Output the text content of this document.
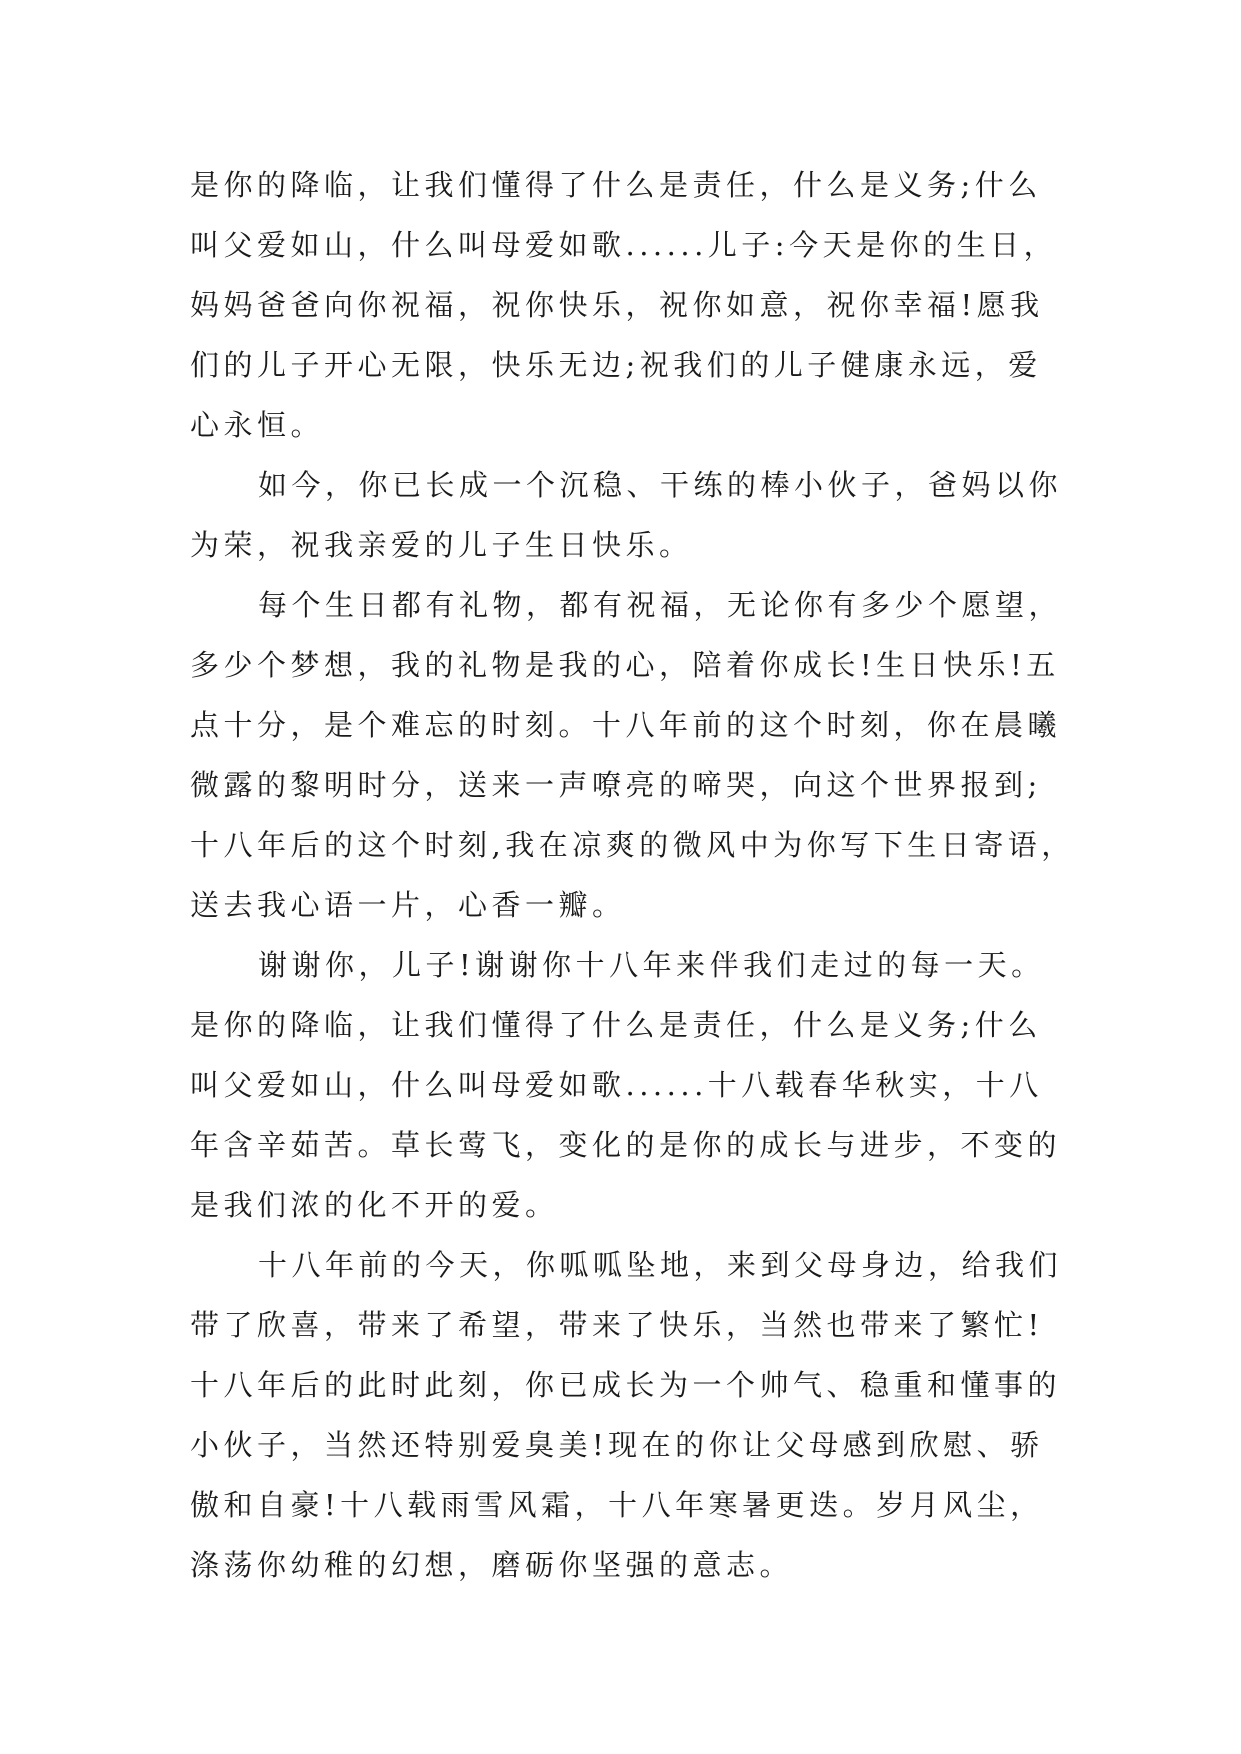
是你的降临，让我们懂得了什么是责任，什么是义务;什么
叫父爱如山，什么叫母爱如歌......儿子:今天是你的生日，
妈妈爸爸向你祝福，祝你快乐，祝你如意，祝你幸福!愿我
们的儿子开心无限，快乐无边;祝我们的儿子健康永远，爱
心永恒。
如今，你已长成一个沉稳、干练的棒小伙子，爸妈以你
为荣，祝我亲爱的儿子生日快乐。
每个生日都有礼物，都有祝福，无论你有多少个愿望，
多少个梦想，我的礼物是我的心，陪着你成长!生日快乐!五
点十分，是个难忘的时刻。十八年前的这个时刻，你在晨曦
微露的黎明时分，送来一声嘹亮的啼哭，向这个世界报到;
十八年后的这个时刻,我在凉爽的微风中为你写下生日寄语，
送去我心语一片，心香一瓣。
谢谢你，儿子!谢谢你十八年来伴我们走过的每一天。
是你的降临，让我们懂得了什么是责任，什么是义务;什么
叫父爱如山，什么叫母爱如歌......十八载春华秋实，十八
年含辛茹苦。草长莺飞，变化的是你的成长与进步，不变的
是我们浓的化不开的爱。
十八年前的今天，你呱呱坠地，来到父母身边，给我们
带了欣喜，带来了希望，带来了快乐，当然也带来了繁忙!
十八年后的此时此刻，你已成长为一个帅气、稳重和懂事的
小伙子，当然还特别爱臭美!现在的你让父母感到欣慰、骄
傲和自豪!十八载雨雪风霜，十八年寒暑更迭。岁月风尘，
涤荡你幼稚的幻想，磨砺你坚强的意志。
